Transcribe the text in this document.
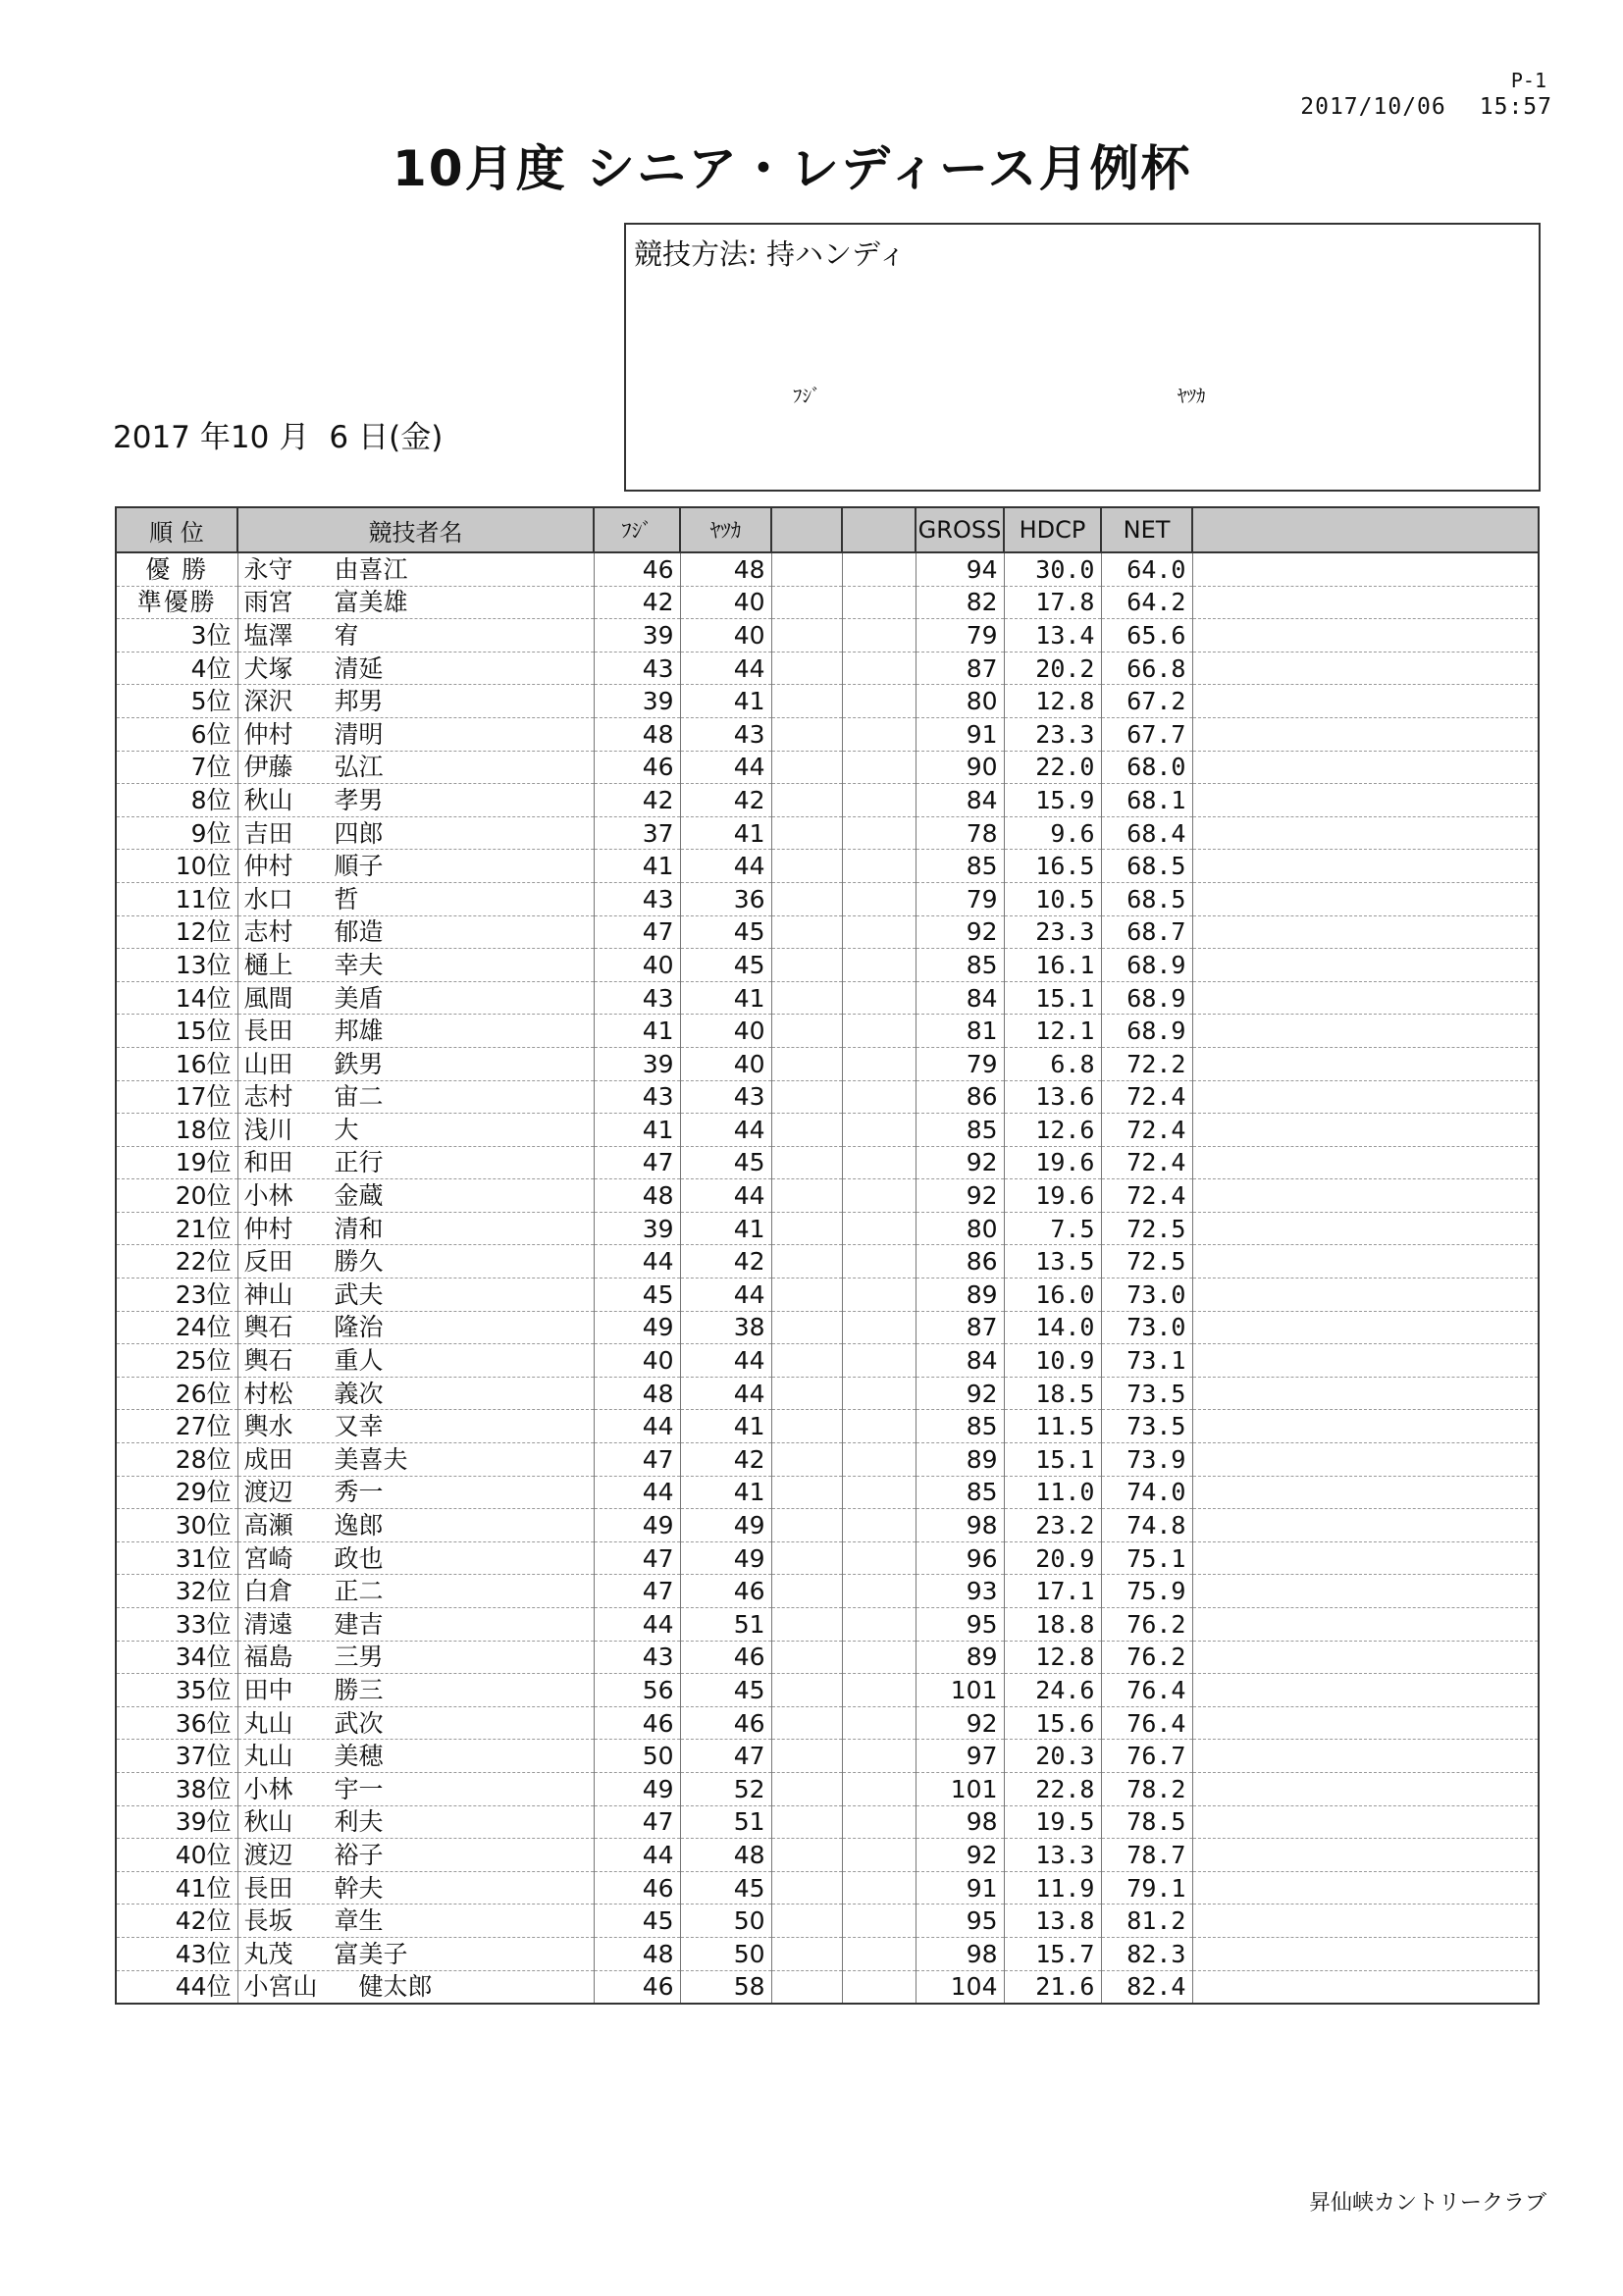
P-1
2017/10/06 15:57
10月度 シニア・レディース月例杯
2017 年10 月 6 日(金)
競技方法: 持ハンディ
ﾌｼﾞ	ﾔﾂｶ
順 位	競技者名	ﾌｼﾞ	ﾔﾂｶ			GROSS	HDCP	NET	
優 勝	永守 由喜江	46	48			94	30.0	64.0	
準優勝	雨宮 富美雄	42	40			82	17.8	64.2	
3位	塩澤 宥	39	40			79	13.4	65.6	
4位	犬塚 清延	43	44			87	20.2	66.8	
5位	深沢 邦男	39	41			80	12.8	67.2	
6位	仲村 清明	48	43			91	23.3	67.7	
7位	伊藤 弘江	46	44			90	22.0	68.0	
8位	秋山 孝男	42	42			84	15.9	68.1	
9位	吉田 四郎	37	41			78	9.6	68.4	
10位	仲村 順子	41	44			85	16.5	68.5	
11位	水口 哲	43	36			79	10.5	68.5	
12位	志村 郁造	47	45			92	23.3	68.7	
13位	樋上 幸夫	40	45			85	16.1	68.9	
14位	風間 美盾	43	41			84	15.1	68.9	
15位	長田 邦雄	41	40			81	12.1	68.9	
16位	山田 鉄男	39	40			79	6.8	72.2	
17位	志村 宙二	43	43			86	13.6	72.4	
18位	浅川 大	41	44			85	12.6	72.4	
19位	和田 正行	47	45			92	19.6	72.4	
20位	小林 金蔵	48	44			92	19.6	72.4	
21位	仲村 清和	39	41			80	7.5	72.5	
22位	反田 勝久	44	42			86	13.5	72.5	
23位	神山 武夫	45	44			89	16.0	73.0	
24位	輿石 隆治	49	38			87	14.0	73.0	
25位	輿石 重人	40	44			84	10.9	73.1	
26位	村松 義次	48	44			92	18.5	73.5	
27位	輿水 又幸	44	41			85	11.5	73.5	
28位	成田 美喜夫	47	42			89	15.1	73.9	
29位	渡辺 秀一	44	41			85	11.0	74.0	
30位	高瀬 逸郎	49	49			98	23.2	74.8	
31位	宮崎 政也	47	49			96	20.9	75.1	
32位	白倉 正二	47	46			93	17.1	75.9	
33位	清遠 建吉	44	51			95	18.8	76.2	
34位	福島 三男	43	46			89	12.8	76.2	
35位	田中 勝三	56	45			101	24.6	76.4	
36位	丸山 武次	46	46			92	15.6	76.4	
37位	丸山 美穂	50	47			97	20.3	76.7	
38位	小林 宇一	49	52			101	22.8	78.2	
39位	秋山 利夫	47	51			98	19.5	78.5	
40位	渡辺 裕子	44	48			92	13.3	78.7	
41位	長田 幹夫	46	45			91	11.9	79.1	
42位	長坂 章生	45	50			95	13.8	81.2	
43位	丸茂 富美子	48	50			98	15.7	82.3	
44位	小宮山 健太郎	46	58			104	21.6	82.4	
昇仙峡カントリークラブ
